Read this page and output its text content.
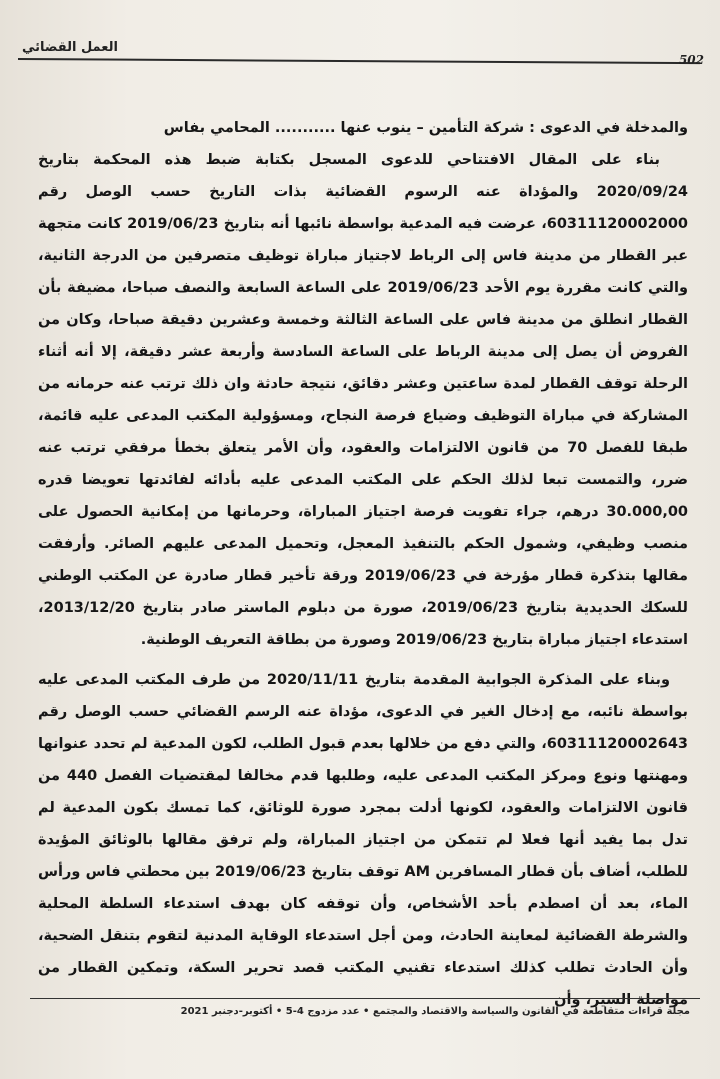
العمل القضائي
502

والمدخلة في الدعوى : شركة التأمين – ينوب عنها ........... المحامي بفاس

بناء على المقال الافتتاحي للدعوى المسجل بكتابة ضبط هذه المحكمة بتاريخ 2020/09/24 والمؤداة عنه الرسوم القضائية بذات التاريخ حسب الوصل رقم 60311120002000، عرضت فيه المدعية بواسطة نائبها أنه بتاريخ 2019/06/23 كانت متجهة عبر القطار من مدينة فاس إلى الرباط لاجتياز مباراة توظيف متصرفين من الدرجة الثانية، والتي كانت مقررة يوم الأحد 2019/06/23 على الساعة السابعة والنصف صباحا، مضيفة بأن القطار انطلق من مدينة فاس على الساعة الثالثة وخمسة وعشرين دقيقة صباحا، وكان من الفروض أن يصل إلى مدينة الرباط على الساعة السادسة وأربعة عشر دقيقة، إلا أنه أثناء الرحلة توقف القطار لمدة ساعتين وعشر دقائق، نتيجة حادثة وان ذلك ترتب عنه حرمانه من المشاركة في مباراة التوظيف وضياع فرصة النجاح، ومسؤولية المكتب المدعى عليه قائمة، طبقا للفصل 70 من قانون الالتزامات والعقود، وأن الأمر يتعلق بخطأ مرفقي ترتب عنه ضرر، والتمست تبعا لذلك الحكم على المكتب المدعى عليه بأدائه لفائدتها تعويضا قدره 30.000,00 درهم، جراء تفويت فرصة اجتياز المباراة، وحرمانها من إمكانية الحصول على منصب وظيفي، وشمول الحكم بالتنفيذ المعجل، وتحميل المدعى عليهم الصائر. وأرفقت مقالها بتذكرة قطار مؤرخة في 2019/06/23 ورقة تأخير قطار صادرة عن المكتب الوطني للسكك الحديدية بتاريخ 2019/06/23، صورة من دبلوم الماستر صادر بتاريخ 2013/12/20، استدعاء اجتياز مباراة بتاريخ 2019/06/23 وصورة من بطاقة التعريف الوطنية.

وبناء على المذكرة الجوابية المقدمة بتاريخ 2020/11/11 من طرف المكتب المدعى عليه بواسطة نائبه، مع إدخال الغير في الدعوى، مؤداة عنه الرسم القضائي حسب الوصل رقم 60311120002643، والتي دفع من خلالها بعدم قبول الطلب، لكون المدعية لم تحدد عنوانها ومهنتها ونوع ومركز المكتب المدعى عليه، وطلبها قدم مخالفا لمقتضيات الفصل 440 من قانون الالتزامات والعقود، لكونها أدلت بمجرد صورة للوثائق، كما تمسك بكون المدعية لم تدل بما يفيد أنها فعلا لم تتمكن من اجتياز المباراة، ولم ترفق مقالها بالوثائق المؤيدة للطلب، أضاف بأن قطار المسافرين AM توقف بتاريخ 2019/06/23 بين محطتي فاس ورأس الماء، بعد أن اصطدم بأحد الأشخاص، وأن توقفه كان بهدف استدعاء السلطة المحلية والشرطة القضائية لمعاينة الحادث، ومن أجل استدعاء الوقاية المدنية لتقوم بتنقل الضحية، وأن الحادث تطلب كذلك استدعاء تقنيي المكتب قصد تحرير السكة، وتمكين القطار من مواصلة السير، وأن

مجلة قراءات متقاطعة في القانون والسياسة والاقتصاد والمجتمع • عدد مزدوج 4-5 • أكتوبر-دجنبر 2021
